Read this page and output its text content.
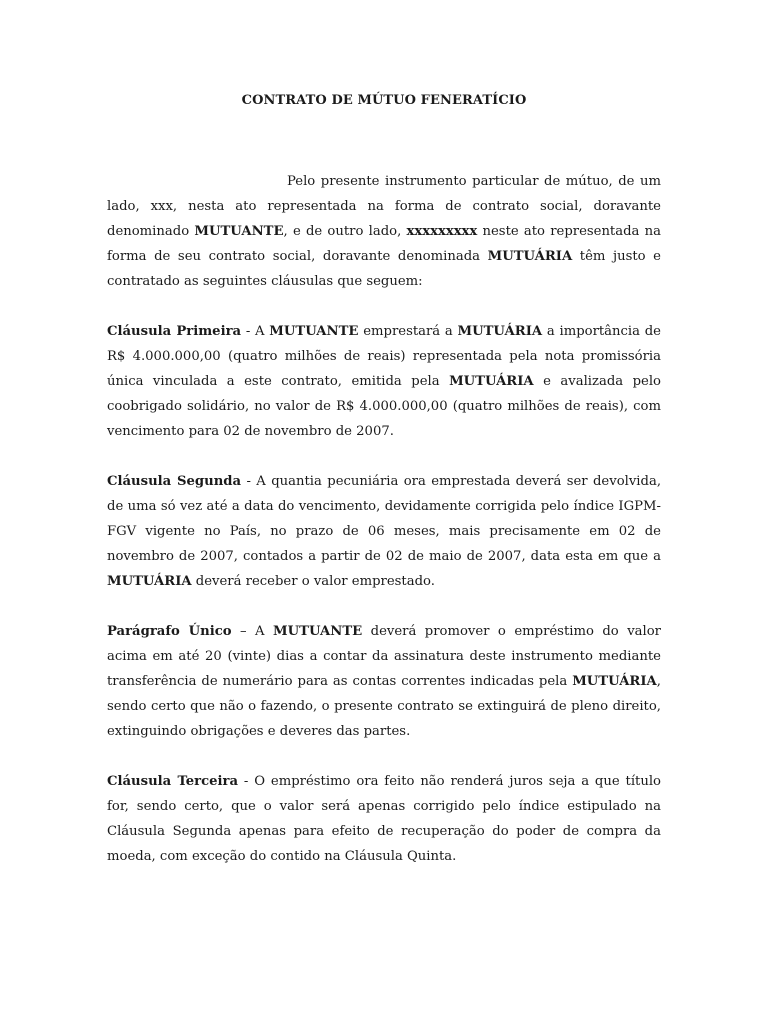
CONTRATO DE MÚTUO FENERATÍCIO

Pelo presente instrumento particular de mútuo, de um lado, xxx, nesta ato representada na forma de contrato social, doravante denominado MUTUANTE, e de outro lado, xxxxxxxxx neste ato representada na forma de seu contrato social, doravante denominada MUTUÁRIA têm justo e contratado as seguintes cláusulas que seguem:

Cláusula Primeira - A MUTUANTE emprestará a MUTUÁRIA a importância de R$ 4.000.000,00 (quatro milhões de reais) representada pela nota promissória única vinculada a este contrato, emitida pela MUTUÁRIA e avalizada pelo coobrigado solidário, no valor de R$ 4.000.000,00 (quatro milhões de reais), com vencimento para 02 de novembro de 2007.

Cláusula Segunda - A quantia pecuniária ora emprestada deverá ser devolvida, de uma só vez até a data do vencimento, devidamente corrigida pelo índice IGPM-FGV vigente no País, no prazo de 06 meses, mais precisamente em 02 de novembro de 2007, contados a partir de 02 de maio de 2007, data esta em que a MUTUÁRIA deverá receber o valor emprestado.

Parágrafo Único – A MUTUANTE deverá promover o empréstimo do valor acima em até 20 (vinte) dias a contar da assinatura deste instrumento mediante transferência de numerário para as contas correntes indicadas pela MUTUÁRIA, sendo certo que não o fazendo, o presente contrato se extinguirá de pleno direito, extinguindo obrigações e deveres das partes.

Cláusula Terceira - O empréstimo ora feito não renderá juros seja a que título for, sendo certo, que o valor será apenas corrigido pelo índice estipulado na Cláusula Segunda apenas para efeito de recuperação do poder de compra da moeda, com exceção do contido na Cláusula Quinta.
